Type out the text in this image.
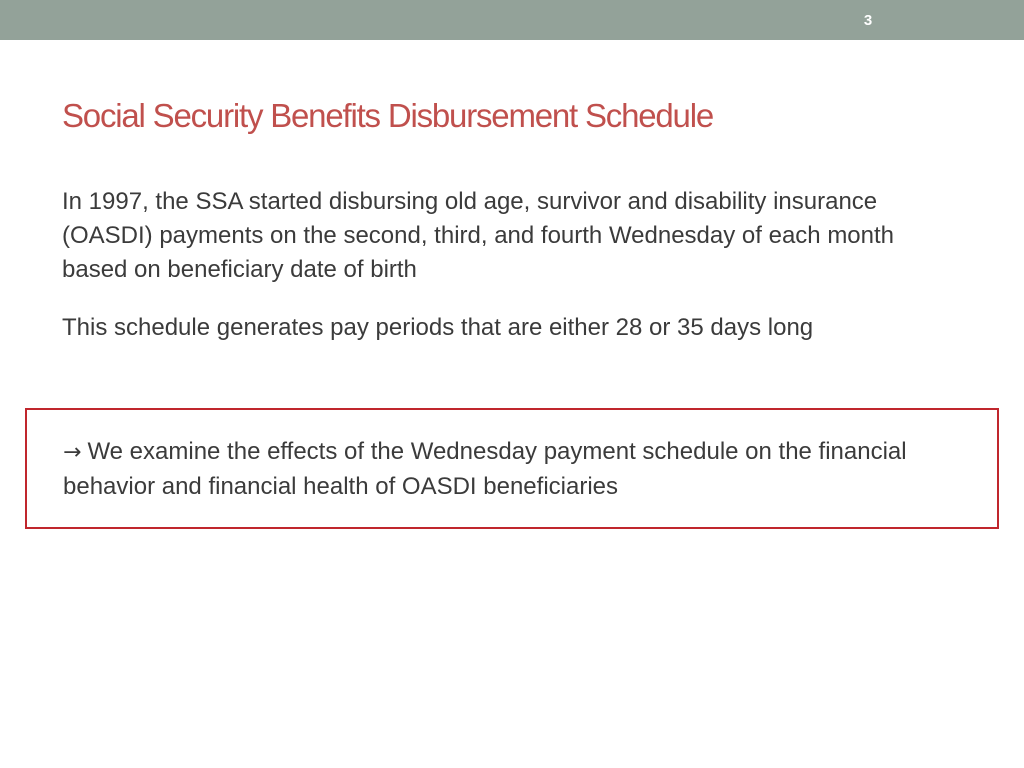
3
Social Security Benefits Disbursement Schedule

In 1997, the SSA started disbursing old age, survivor and disability insurance (OASDI) payments on the second, third, and fourth Wednesday of each month based on beneficiary date of birth

This schedule generates pay periods that are either 28 or 35 days long

→ We examine the effects of the Wednesday payment schedule on the financial behavior and financial health of OASDI beneficiaries
